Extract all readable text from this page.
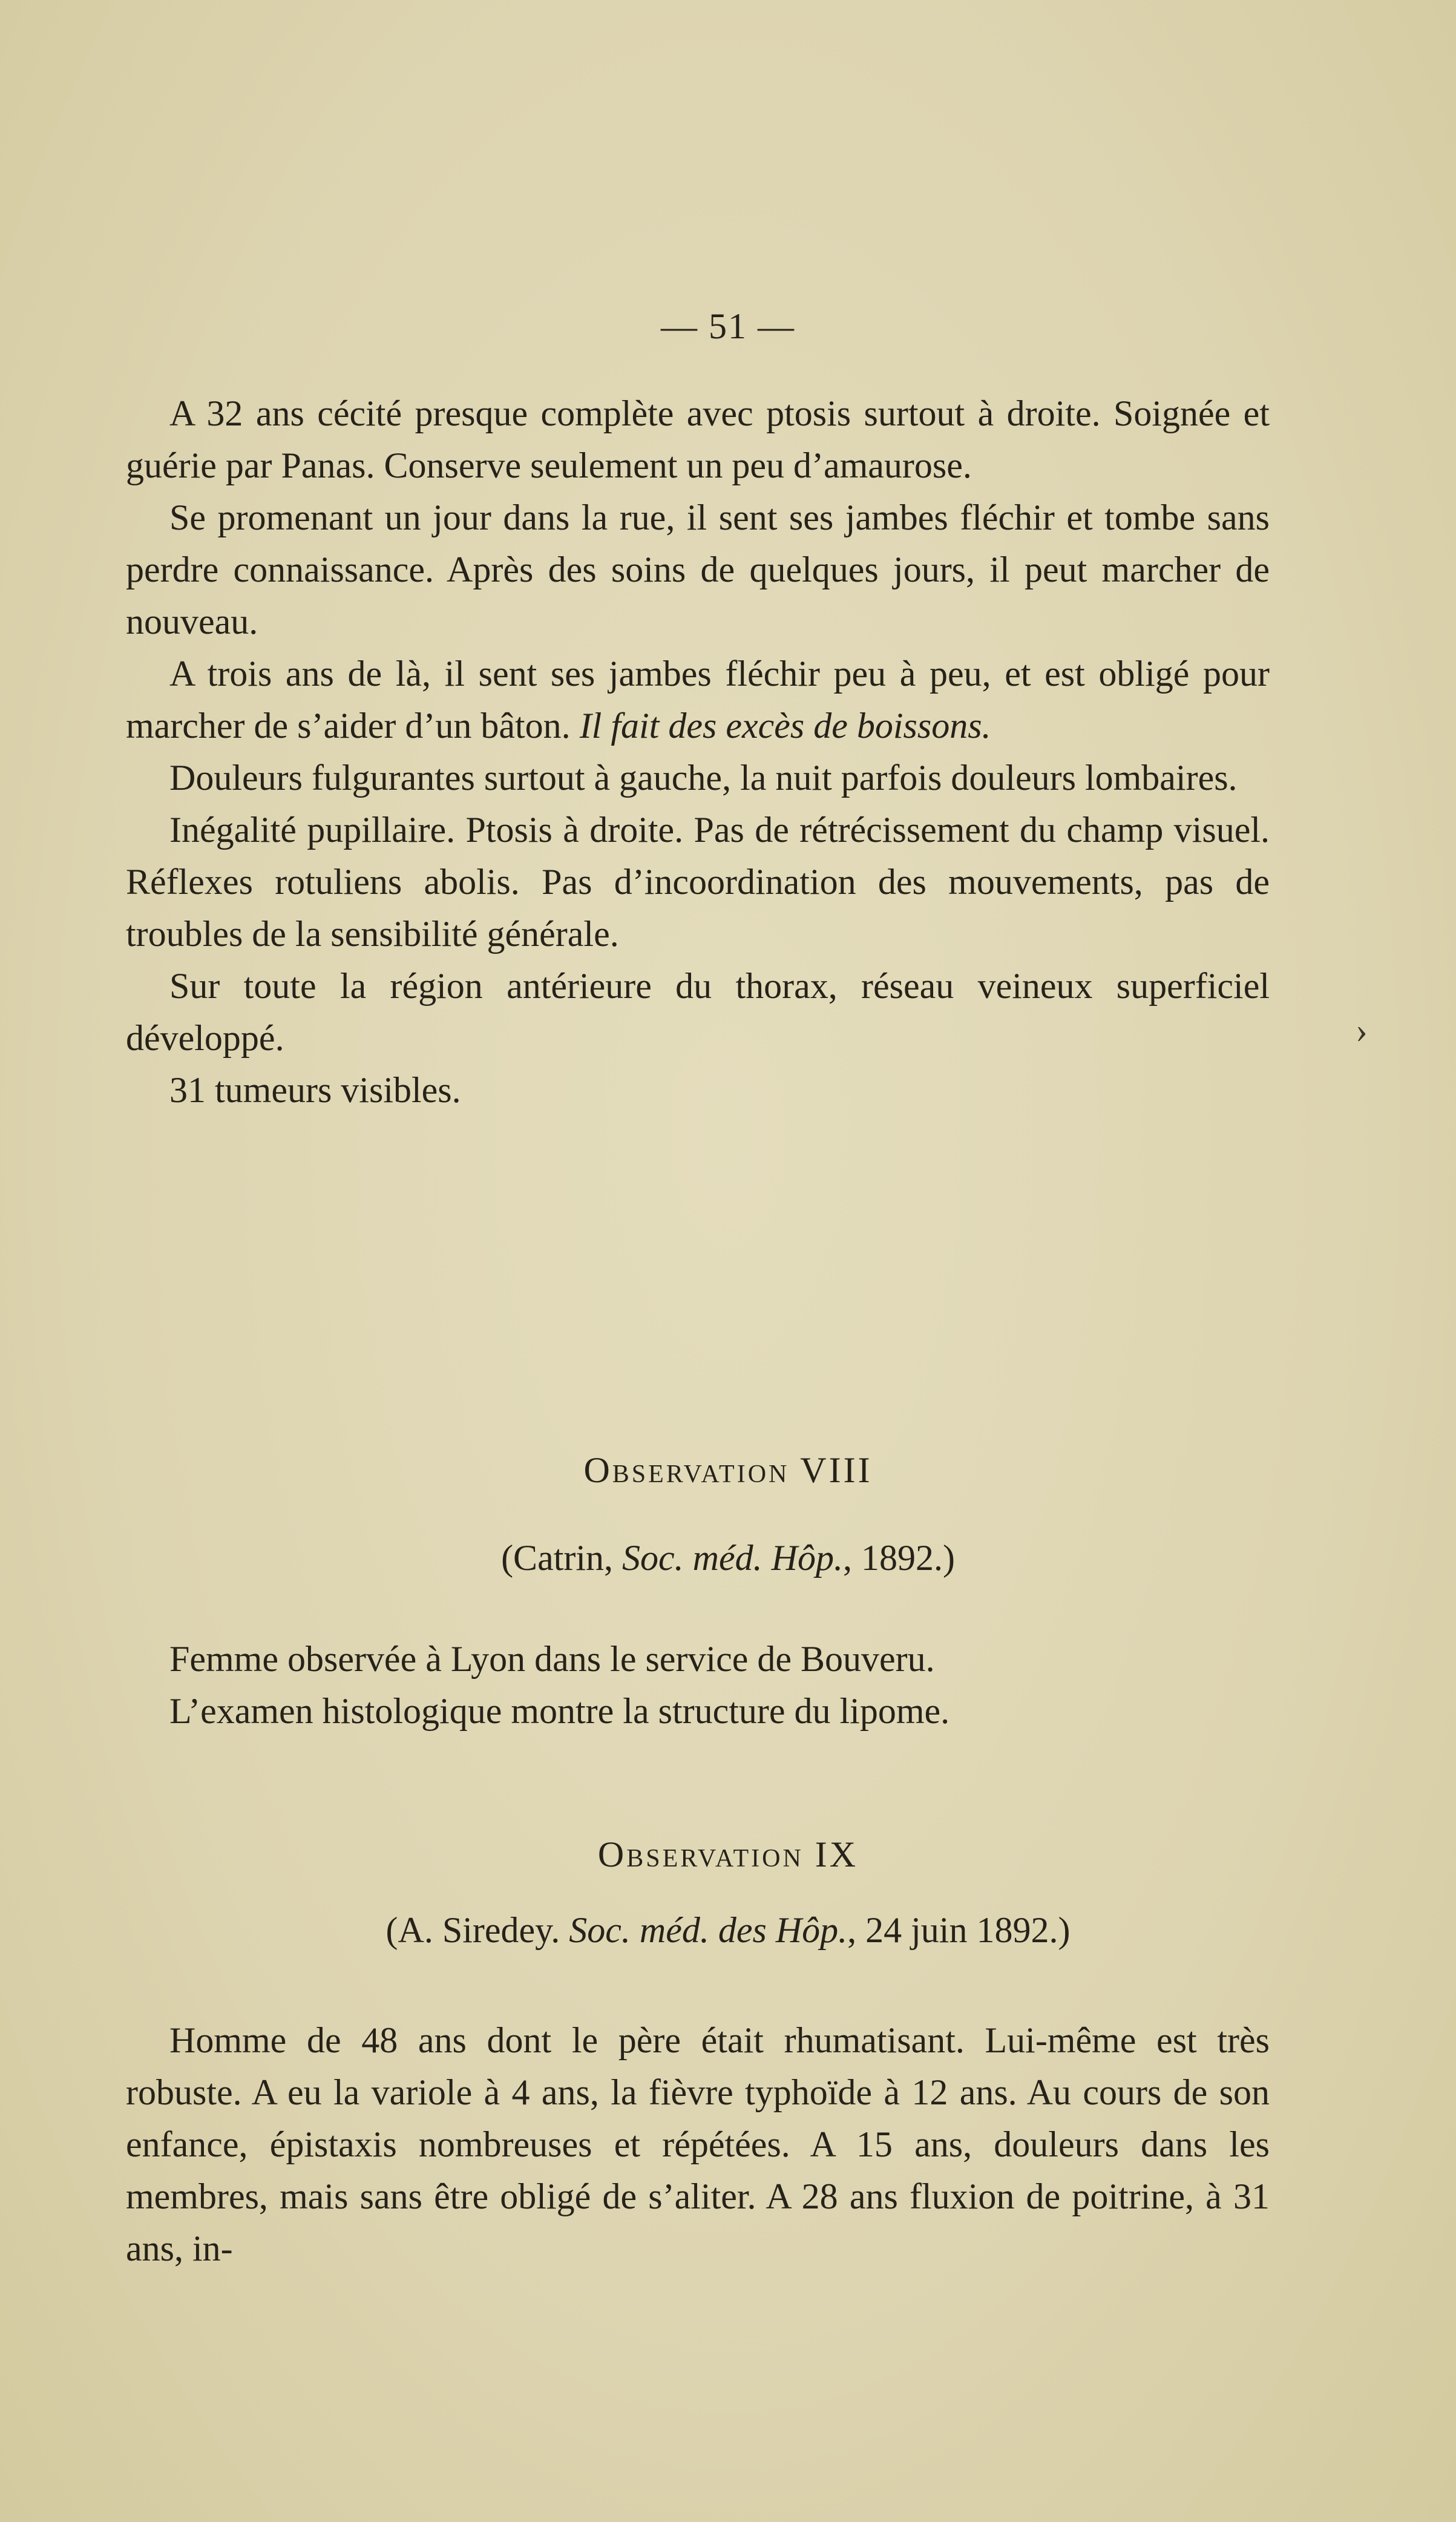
— 51 —

A 32 ans cécité presque complète avec ptosis surtout à droite. Soignée et guérie par Panas. Conserve seulement un peu d’amaurose.

Se promenant un jour dans la rue, il sent ses jambes fléchir et tombe sans perdre connaissance. Après des soins de quelques jours, il peut marcher de nouveau.

A trois ans de là, il sent ses jambes fléchir peu à peu, et est obligé pour marcher de s’aider d’un bâton. Il fait des excès de boissons.

Douleurs fulgurantes surtout à gauche, la nuit parfois douleurs lombaires.

Inégalité pupillaire. Ptosis à droite. Pas de rétrécissement du champ visuel. Réflexes rotuliens abolis. Pas d’incoordination des mouvements, pas de troubles de la sensibilité générale.

Sur toute la région antérieure du thorax, réseau veineux superficiel développé.

31 tumeurs visibles.

›
Observation VIII
(Catrin, Soc. méd. Hôp., 1892.)

Femme observée à Lyon dans le service de Bouveru.

L’examen histologique montre la structure du lipome.

Observation IX
(A. Siredey. Soc. méd. des Hôp., 24 juin 1892.)

Homme de 48 ans dont le père était rhumatisant. Lui-même est très robuste. A eu la variole à 4 ans, la fièvre typhoïde à 12 ans. Au cours de son enfance, épistaxis nombreuses et répétées. A 15 ans, douleurs dans les membres, mais sans être obligé de s’aliter. A 28 ans fluxion de poitrine, à 31 ans, in-
